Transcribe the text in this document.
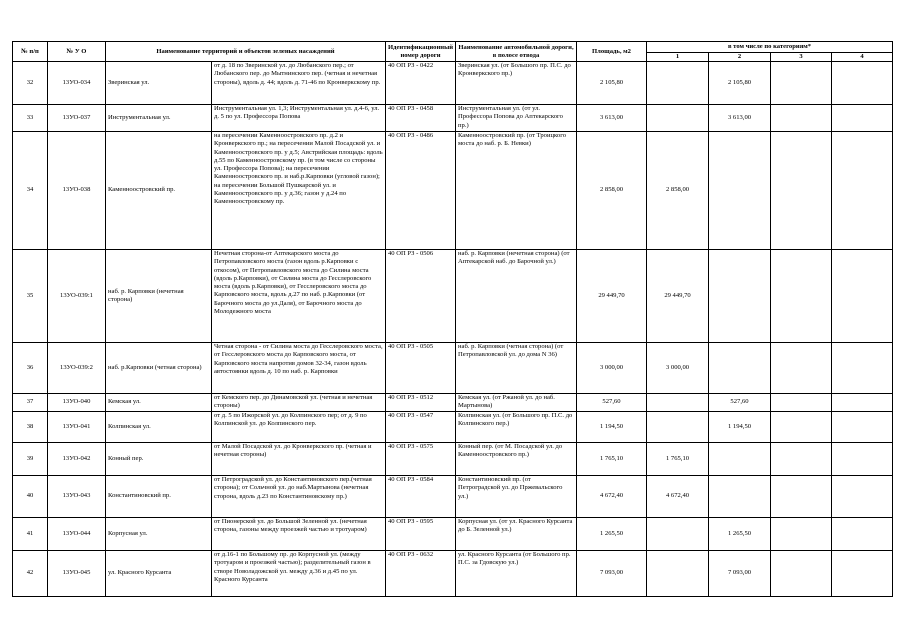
№ п/п	№ У О	Наименование территорий и объектов зеленых насаждений		Идентификационный номер дороги	Наименование автомобильной дороги, в полосе отвода	Площадь, м2	в том числе по категориям*			
							1	2	3	4
32	13УО-034	Зверинская ул.	от д. 18 по Зверинской ул. до Любанского пер.; от Любанского пер. до Мытнинского пер. (четная и нечетная стороны), вдоль д. 44; вдоль д. 71-46 по Кронверкскому пр.	40 ОП РЗ - 0422	Зверинская ул. (от Большого пр. П.С. до Кронверкского пр.)	2 105,80		2 105,80		
33	13УО-037	Инструментальная ул.	Инструментальная ул. 1,3; Инструментальная ул. д.4-6, ул. д. 5 по ул. Профессора Попова	40 ОП РЗ - 0458	Инструментальная ул. (от ул. Профессора Попова до Аптекарского пр.)	3 613,00		3 613,00		
34	13УО-038	Каменноостровский пр.	на пересечении Каменноостровского пр. д.2 и Кронверкского пр.; на пересечении Малой Посадской ул. и Каменноостровского пр. у д.5; Австрийская площадь: вдоль д.55 по Каменноостровскому пр. (в том числе со стороны ул. Профессора Попова); на пересечении Каменноостровского пр. и наб.р.Карповки (угловой газон); на пересечении Большой Пушкарской ул. и Каменноостровского пр. у д.36; газон у д.24 по Каменноостровскому пр.	40 ОП РЗ - 0486	Каменноостровский пр. (от Троицкого моста до наб. р. Б. Невки)	2 858,00	2 858,00			
35	13УО-039:1	наб. р. Карповки (нечетная сторона)	Нечетная сторона-от Аптекарского моста до Петропавловского моста (газон вдоль р.Карповки с откосом), от Петропавловского моста до Силина моста (вдоль р.Карповки), от Силина моста до Гесслеровского моста (вдоль р.Карповки), от Гесслеровского моста до Карповского моста, вдоль д.27 по наб. р.Карповки (от Барочного моста до ул.Даля), от Барочного моста до Молодежного моста	40 ОП РЗ - 0506	наб. р. Карповки (нечетная сторона) (от Аптекарской наб. до Барочной ул.)	29 449,70	29 449,70			
36	13УО-039:2	наб. р.Карповки (четная сторона)	Четная сторона - от Силина моста до Гесслеровского моста, от Гесслеровского моста до Карповского моста, от Карповского моста напротив домов 32-34, газон вдоль автостоянки вдоль д. 10 по наб. р. Карповки	40 ОП РЗ - 0505	наб. р. Карповки (четная сторона) (от Петропавловской ул. до дома N 36)	3 000,00	3 000,00			
37	13УО-040	Кемская ул.	от Кемского пер. до Динамовской ул. (четная и нечетная стороны)	40 ОП РЗ - 0512	Кемская ул. (от Ржаной ул. до наб. Мартынова)	527,60		527,60		
38	13УО-041	Колпинская ул.	от д. 5 по Ижорской ул. до Колпинского пер; от д. 9 по Колпинской ул. до Колпинского пер.	40 ОП РЗ - 0547	Колпинская ул. (от Большого пр. П.С. до Колпинского пер.)	1 194,50		1 194,50		
39	13УО-042	Конный пер.	от Малой Посадской ул. до Кронверкского пр. (четная и нечетная стороны)	40 ОП РЗ - 0575	Конный пер. (от М. Посадской ул. до Каменноостровского пр.)	1 765,10	1 765,10			
40	13УО-043	Константиновский пр.	от Петроградской ул. до Константиновского пер.(четная сторона); от Сольчной ул. до наб.Мартынова (нечетная сторона, вдоль д.23 по Константиновскому пр.)	40 ОП РЗ - 0584	Константиновский пр. (от Петроградской ул. до Пржевальского ул.)	4 672,40	4 672,40			
41	13УО-044	Корпусная ул.	от Пионерской ул. до Большой Зеленной ул. (нечетная сторона, газоны между проезжей частью и тротуаром)	40 ОП РЗ - 0595	Корпусная ул. (от ул. Красного Курсанта до Б. Зеленной ул.)	1 265,50		1 265,50		
42	13УО-045	ул. Красного Курсанта	от д.16-1 по Большому пр. до Корпусной ул. (между тротуаром и проезжей частью); разделительный газон в створе Новоладожской ул. между д.36 и д.45 по ул. Красного Курсанта	40 ОП РЗ - 0632	ул. Красного Курсанта (от Большого пр. П.С. за Гдовскую ул.)	7 093,00		7 093,00		
